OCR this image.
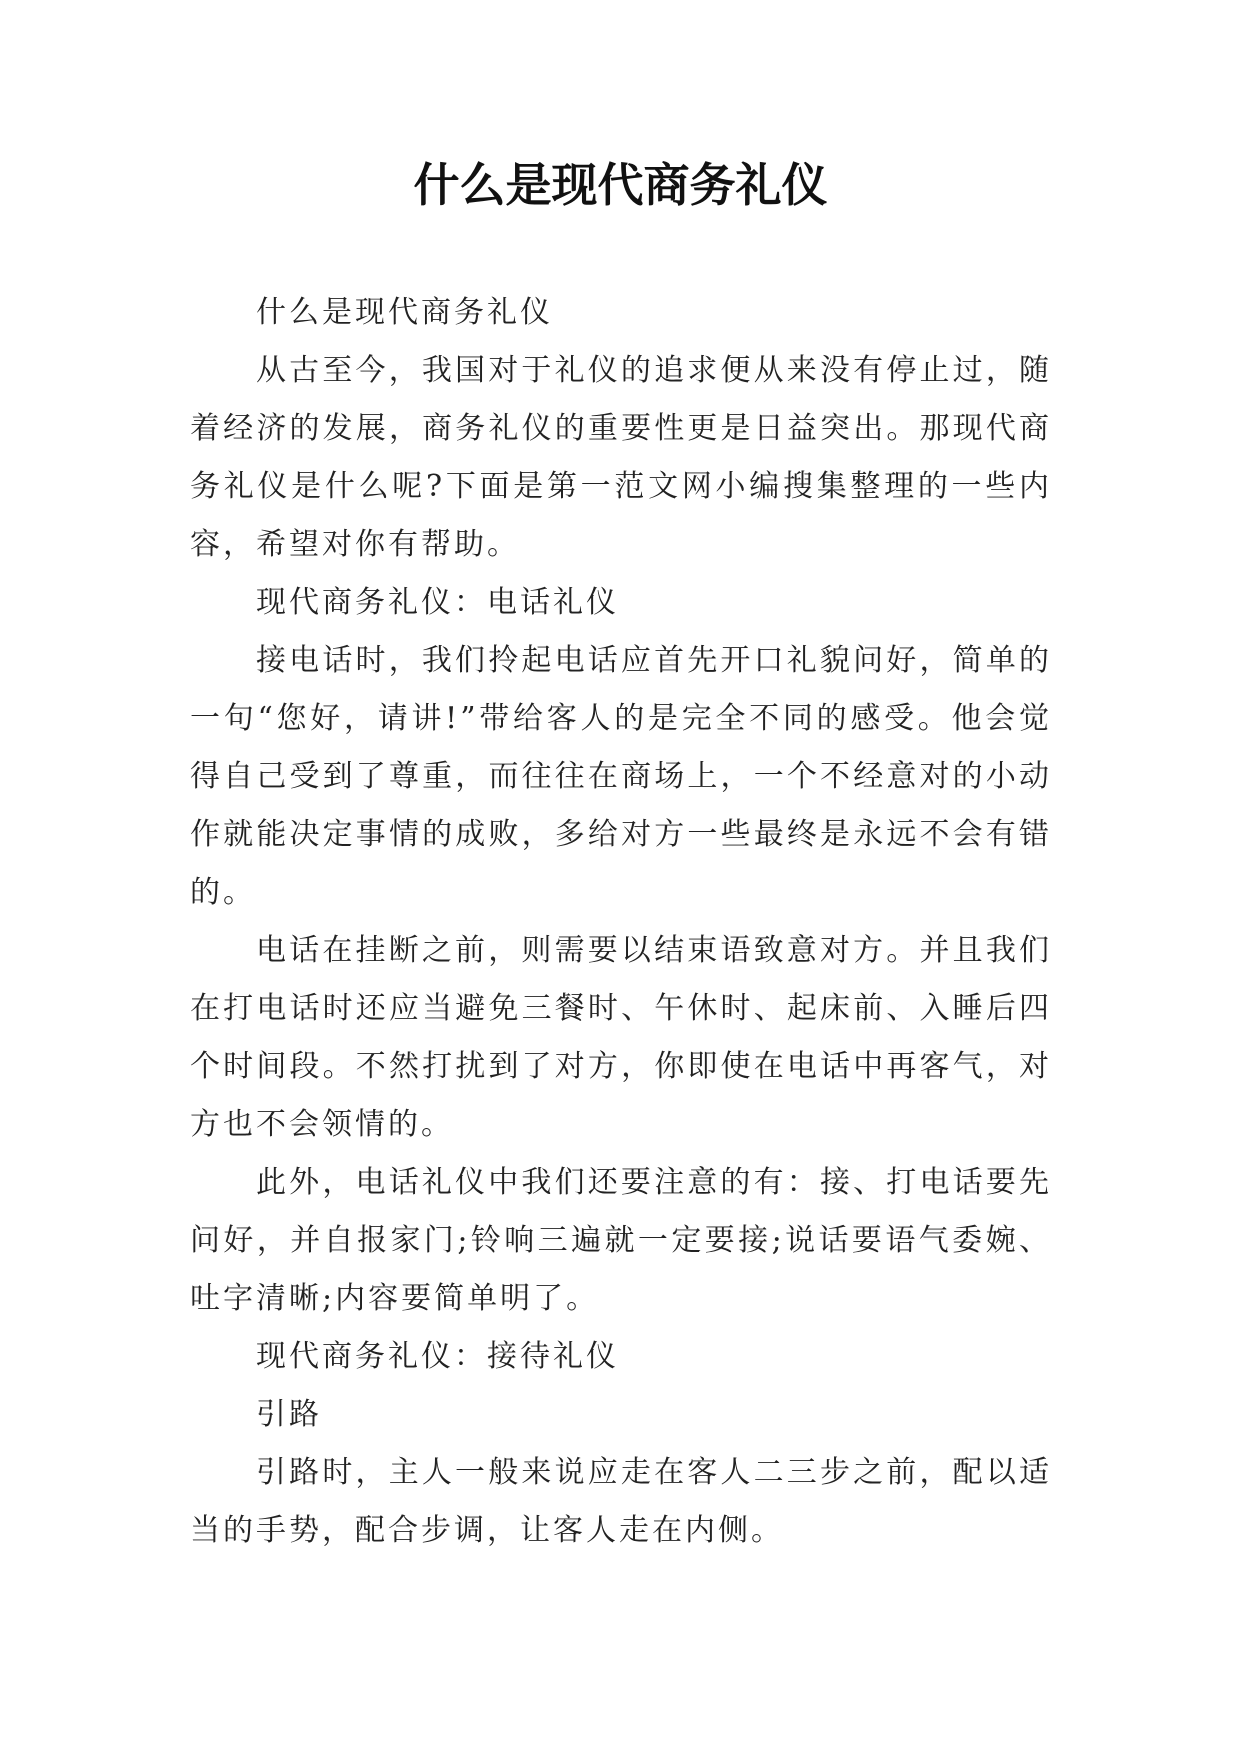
什么是现代商务礼仪

什么是现代商务礼仪

从古至今，我国对于礼仪的追求便从来没有停止过，随着经济的发展，商务礼仪的重要性更是日益突出。那现代商务礼仪是什么呢?下面是第一范文网小编搜集整理的一些内容，希望对你有帮助。

现代商务礼仪：电话礼仪

接电话时，我们拎起电话应首先开口礼貌问好，简单的一句“您好，请讲!”带给客人的是完全不同的感受。他会觉得自己受到了尊重，而往往在商场上，一个不经意对的小动作就能决定事情的成败，多给对方一些最终是永远不会有错的。

电话在挂断之前，则需要以结束语致意对方。并且我们在打电话时还应当避免三餐时、午休时、起床前、入睡后四个时间段。不然打扰到了对方，你即使在电话中再客气，对方也不会领情的。

此外，电话礼仪中我们还要注意的有：接、打电话要先问好，并自报家门;铃响三遍就一定要接;说话要语气委婉、吐字清晰;内容要简单明了。

现代商务礼仪：接待礼仪

引路

引路时，主人一般来说应走在客人二三步之前，配以适当的手势，配合步调，让客人走在内侧。
